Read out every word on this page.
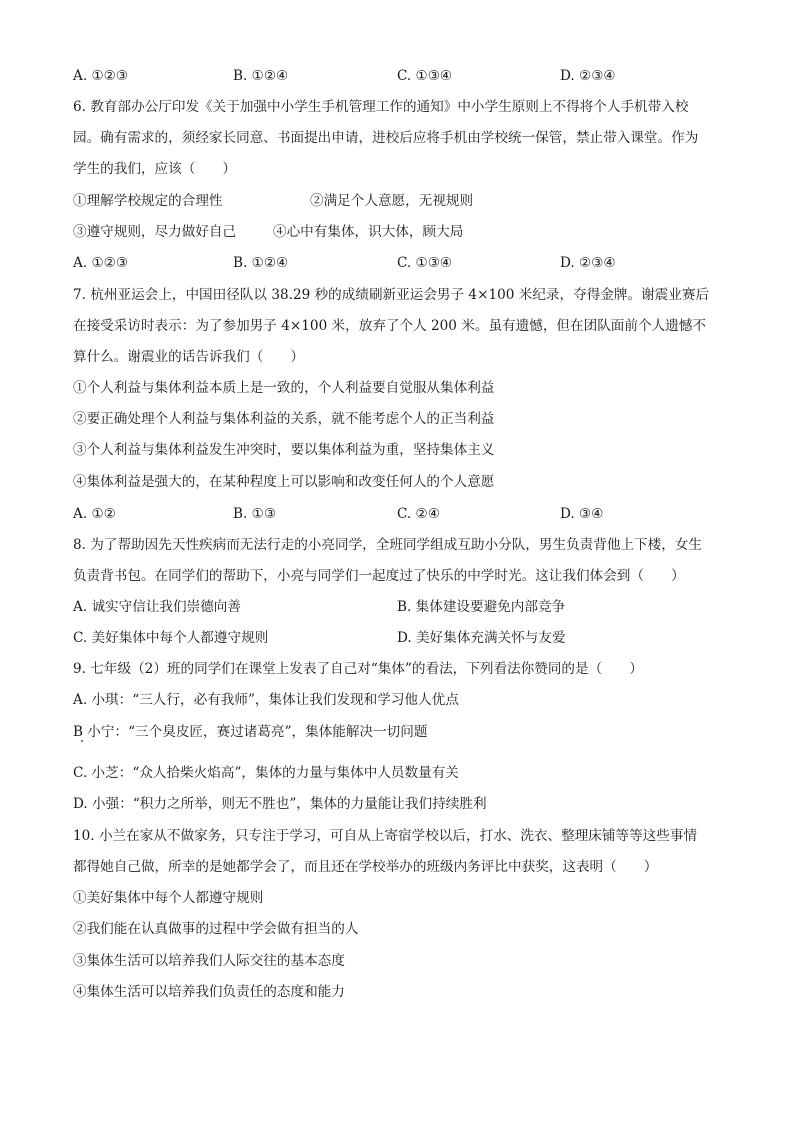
A. ①②③	B. ①②④	C. ①③④	D. ②③④
6. 教育部办公厅印发《关于加强中小学生手机管理工作的通知》中小学生原则上不得将个人手机带入校
园。确有需求的，须经家长同意、书面提出申请，进校后应将手机由学校统一保管，禁止带入课堂。作为
学生的我们，应该（　　）
①理解学校规定的合理性	②满足个人意愿，无视规则
③遵守规则，尽力做好自己	④心中有集体，识大体，顾大局
A. ①②③	B. ①②④	C. ①③④	D. ②③④
7. 杭州亚运会上，中国田径队以 38.29 秒的成绩刷新亚运会男子 4×100 米纪录，夺得金牌。谢震业赛后
在接受采访时表示：为了参加男子 4×100 米，放弃了个人 200 米。虽有遗憾，但在团队面前个人遗憾不
算什么。谢震业的话告诉我们（　　）
①个人利益与集体利益本质上是一致的，个人利益要自觉服从集体利益
②要正确处理个人利益与集体利益的关系，就不能考虑个人的正当利益
③个人利益与集体利益发生冲突时，要以集体利益为重，坚持集体主义
④集体利益是强大的，在某种程度上可以影响和改变任何人的个人意愿
A. ①②	B. ①③	C. ②④	D. ③④
8. 为了帮助因先天性疾病而无法行走的小亮同学，全班同学组成互助小分队，男生负责背他上下楼，女生
负责背书包。在同学们的帮助下，小亮与同学们一起度过了快乐的中学时光。这让我们体会到（　　）
A. 诚实守信让我们崇德向善	B. 集体建设要避免内部竞争
C. 美好集体中每个人都遵守规则	D. 美好集体充满关怀与友爱
9. 七年级（2）班的同学们在课堂上发表了自己对“集体”的看法，下列看法你赞同的是（　　）
A. 小琪：“三人行，必有我师”，集体让我们发现和学习他人优点
B 小宁：“三个臭皮匠，赛过诸葛亮”，集体能解决一切问题
C. 小芝：“众人拾柴火焰高”，集体的力量与集体中人员数量有关
D. 小强：“积力之所举，则无不胜也”，集体的力量能让我们持续胜利
10. 小兰在家从不做家务，只专注于学习，可自从上寄宿学校以后，打水、洗衣、整理床铺等等这些事情
都得她自己做，所幸的是她都学会了，而且还在学校举办的班级内务评比中获奖，这表明（　　）
①美好集体中每个人都遵守规则
②我们能在认真做事的过程中学会做有担当的人
③集体生活可以培养我们人际交往的基本态度
④集体生活可以培养我们负责任的态度和能力
